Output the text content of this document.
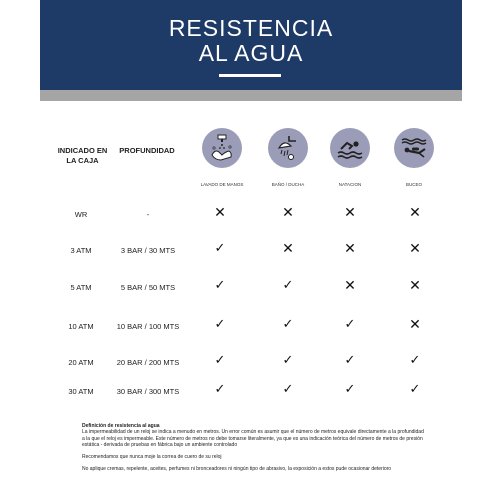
RESISTENCIA
AL AGUA
INDICADO EN
LA CAJA
PROFUNDIDAD
LAVADO DE MANOS	BAÑO / DUCHA	NATACION	BUCEO
WR	-	✕	✕	✕	✕
3 ATM	3 BAR / 30 MTS	✓	✕	✕	✕
5 ATM	5 BAR / 50 MTS	✓	✓	✕	✕
10 ATM	10 BAR / 100 MTS	✓	✓	✓	✕
20 ATM	20 BAR / 200 MTS	✓	✓	✓	✓
30 ATM	30 BAR / 300 MTS	✓	✓	✓	✓

Definición de resistencia al agua

La impermeabilidad de un reloj se indica a menudo en metros. Un error común es asumir que el número de metros equivale directamente a la profundidad a la que el reloj es impermeable. Este número de metros no debe tomarse literalmente, ya que es una indicación teórica del número de metros de presión estática - derivada de pruebas en fábrica bajo un ambiente controlado

Recomendamos que nunca moje la correa de cuero de su reloj

No aplique cremas, repelente, aceites, perfumes ni bronceadores ni ningún tipo de abrasivo, la exposición a estos pude ocasionar deterioro
